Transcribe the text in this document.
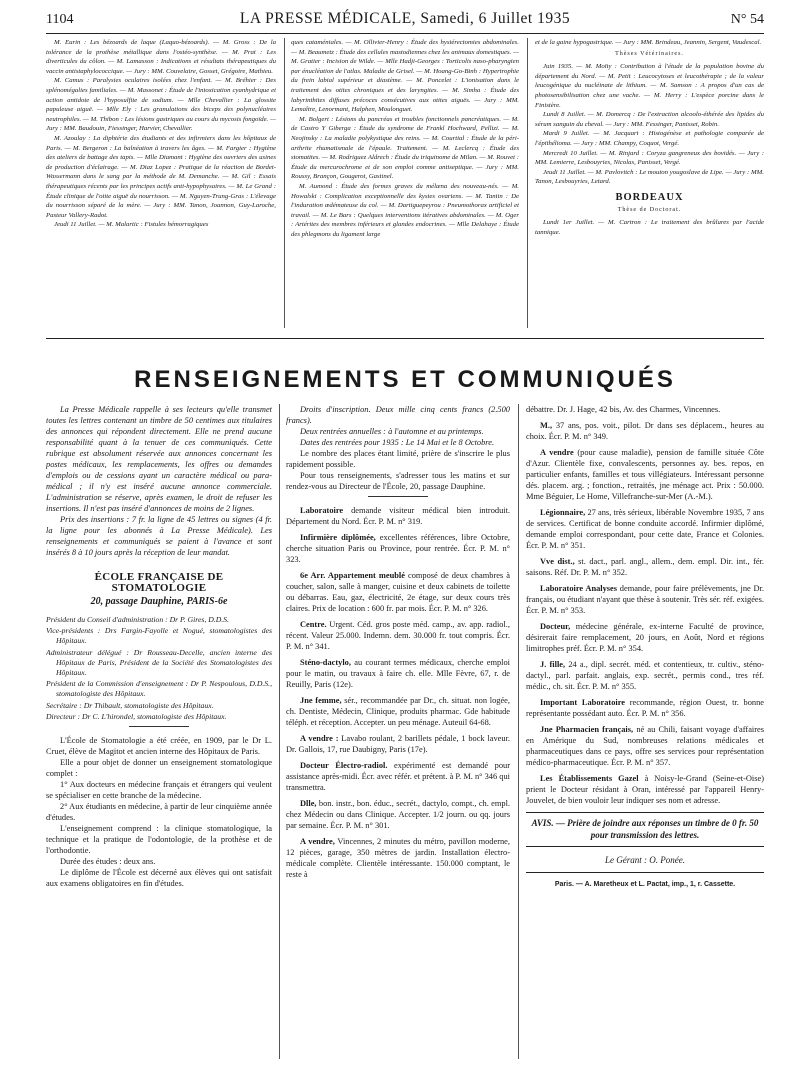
1104	LA PRESSE MÉDICALE, Samedi, 6 Juillet 1935	N° 54

M. Eurin : Les bézoards de laque (Laquo-bézoards). — M. Gross : De la tolérance de la prothèse métallique dans l'ostéo-synthèse. — M. Prat : Les diverticules du côlon. — M. Lamasson : Indications et résultats thérapeutiques du vaccin antistaphylococcique. — Jury : MM. Couvelaire, Gosset, Grégoire, Mathieu.

M. Camus : Paralysies oculaires isolées chez l'enfant. — M. Bréhier : Des splénomégalies familiales. — M. Massonet : Étude de l'intoxication cyanhydrique et action antidote de l'hyposulfite de sodium. — Mlle Chevallier : La glossite papuleuse aiguë. — Mlle Ely : Les granulations des biceps des polynucléaires neutrophiles. — M. Thibon : Les lésions gastriques au cours du mycosis fongoïde. — Jury : MM. Baudouin, Fiessinger, Harvier, Chevallier.

M. Azoulay : La diphtérie des étudiants et des infirmiers dans les hôpitaux de Paris. — M. Bergeron : La balnéation à travers les âges. — M. Fargier : Hygiène des ateliers de battage des tapis. — Mlle Diamant : Hygiène des ouvriers des usines de production d'éclairage. — M. Diaz Lopez : Pratique de la réaction de Bordet-Wassermann dans le sang par la méthode de M. Demanche. — M. Gil : Essais thérapeutiques récents par les principes actifs anti-hypophysaires. — M. Le Grand : Étude clinique de l'otite aiguë du nourrisson. — M. Nguyen-Trung-Gras : L'élevage du nourrisson séparé de la mère. — Jury : MM. Tanon, Joannon, Guy-Laroche, Pasteur Vallery-Radot.

Jeudi 11 Juillet. — M. Malartic : Fistules hémorragiques

ques cataméniales. — M. Ollivier-Henry : Étude des hystérectomies abdominales. — M. Beaumetz : Étude des cellules mastodiennes chez les animaux domestiques. — M. Gratier : Incision de Wilde. — Mlle Hadji-Georges : Torticolis naso-pharyngien par énucléation de l'atlas. Maladie de Grisel. — M. Hoang-Go-Binh : Hypertrophie du frein labial supérieur et diastème. — M. Poncelet : L'ionisation dans le traitement des otites chroniques et des laryngites. — M. Simha : Étude des labyrinthites diffuses précoces consécutives aux otites aiguës. — Jury : MM. Lemaître, Lenormant, Halphen, Moulonguet.

M. Bolgert : Lésions du pancréas et troubles fonctionnels pancréatiques. — M. de Castro Y Giberga : Étude du syndrome de Frankl Hochward, Pellizi. — M. Neojinsky : La maladie polykystique des reins. — M. Courtial : Étude de la péri-arthrite rhumatismale de l'épaule. Traitement. — M. Leclercq : Étude des stomatites. — M. Rodriguez Aldrech : Étude du triquinome de Milan. — M. Rouvet : Étude du mercurochrome et de son emploi comme antiseptique. — Jury : MM. Roussy, Brançon, Gougerot, Gastinel.

M. Aumond : Étude des formes graves du mélæna des nouveau-nés. — M. Howalski : Complication exceptionnelle des kystes ovariens. — M. Tantin : De l'induration œdémateuse du col. — M. Dartiguepeyrou : Pneumothorax artificiel et travail. — M. Le Bars : Quelques interventions itératives abdominales. — M. Oger : Artérites des membres inférieurs et glandes endocrines. — Mlle Delahaye : Étude des phlegmons du ligament large

et de la gaine hypogastrique. — Jury : MM. Brindeau, Jeannin, Sergent, Vaudescal.

Thèses Vétérinaires.

Juin 1935. — M. Moïty : Contribution à l'étude de la population bovine du département du Nord. — M. Petit : Leucocytoses et leucothérapie ; de la valeur leucogénique du nucléinate de lithium. — M. Samson : A propos d'un cas de photosensibilisation chez une vache. — M. Herry : L'espèce porcine dans le Finistère.

Lundi 8 Juillet. — M. Domercq : De l'extraction alcoolo-éthérée des lipides du sérum sanguin du cheval. — Jury : MM. Fessinger, Panisset, Robin.

Mardi 9 Juillet. — M. Jacquart : Histogénèse et pathologie comparée de l'épithélioma. — Jury : MM. Champy, Coquot, Vergé.

Mercredi 10 Juillet. — M. Rinjard : Coryza gangreneux des bovidés. — Jury : MM. Lemierre, Lesbouyries, Nicolas, Panisset, Vergé.

Jeudi 11 Juillet. — M. Pavlovitch : Le mouton yougoslave de Lipe. — Jury : MM. Tanon, Lesbouyries, Letard.

BORDEAUX
Thèse de Doctorat.

Lundi 1er Juillet. — M. Cartron : Le traitement des brûlures par l'acide tannique.

RENSEIGNEMENTS ET COMMUNIQUÉS

La Presse Médicale rappelle à ses lecteurs qu'elle transmet toutes les lettres contenant un timbre de 50 centimes aux titulaires des annonces qui répondent directement. Elle ne prend aucune responsabilité quant à la tenuer de ces communiqués. Cette rubrique est absolument réservée aux annonces concernant les postes médicaux, les remplacements, les offres ou demandes d'emplois ou de cessions ayant un caractère médical ou para-médical ; il n'y est inséré aucune annonce commerciale. L'administration se réserve, après examen, le droit de refuser les insertions. Il n'est pas inséré d'annonces de moins de 2 lignes.

Prix des insertions : 7 fr. la ligne de 45 lettres ou signes (4 fr. la ligne pour les abonnés à La Presse Médicale). Les renseignements et communiqués se paient à l'avance et sont insérés 8 à 10 jours après la réception de leur mandat.

ÉCOLE FRANÇAISE DE STOMATOLOGIE
20, passage Dauphine, PARIS-6e

Président du Conseil d'administration : Dr P. Gires, D.D.S.

Vice-présidents : Drs Fargin-Fayolle et Nogué, stomatologistes des Hôpitaux.

Administrateur délégué : Dr Rousseau-Decelle, ancien interne des Hôpitaux de Paris, Président de la Société des Stomatologistes des Hôpitaux.

Président de la Commission d'enseignement : Dr P. Nespoulous, D.D.S., stomatologiste des Hôpitaux.

Secrétaire : Dr Thibault, stomatologiste des Hôpitaux.

Directeur : Dr C. L'hirondel, stomatologiste des Hôpitaux.

L'École de Stomatologie a été créée, en 1909, par le Dr L. Cruet, élève de Magitot et ancien interne des Hôpitaux de Paris.

Elle a pour objet de donner un enseignement stomatologique complet :

1° Aux docteurs en médecine français et étrangers qui veulent se spécialiser en cette branche de la médecine.

2° Aux étudiants en médecine, à partir de leur cinquième année d'études.

L'enseignement comprend : la clinique stomatologique, la technique et la pratique de l'odontologie, de la prothèse et de l'orthodontie.

Durée des études : deux ans.

Le diplôme de l'École est décerné aux élèves qui ont satisfait aux examens obligatoires en fin d'études.

Droits d'inscription. Deux mille cinq cents francs (2.500 francs).

Deux rentrées annuelles : à l'automne et au printemps.

Dates des rentrées pour 1935 : Le 14 Mai et le 8 Octobre.

Le nombre des places étant limité, prière de s'inscrire le plus rapidement possible.

Pour tous renseignements, s'adresser tous les matins et sur rendez-vous au Directeur de l'École, 20, passage Dauphine.

Laboratoire demande visiteur médical bien introduit. Département du Nord. Écr. P. M. n° 319.

Infirmière diplômée, excellentes références, libre Octobre, cherche situation Paris ou Province, pour rentrée. Écr. P. M. n° 323.

6e Arr. Appartement meublé composé de deux chambres à coucher, salon, salle à manger, cuisine et deux cabinets de toilette ou débarras. Eau, gaz, électricité, 2e étage, sur deux cours très claires. Prix de location : 600 fr. par mois. Écr. P. M. n° 326.

Centre. Urgent. Céd. gros poste méd. camp., av. app. radiol., récent. Valeur 25.000. Indemn. dem. 30.000 fr. tout compris. Écr. P. M. n° 341.

Sténo-dactylo, au courant termes médicaux, cherche emploi pour le matin, ou travaux à faire ch. elle. Mlle Fèvre, 67, r. de Reuilly, Paris (12e).

Jne femme, sér., recommandée par Dr., ch. situat. non logée, ch. Dentiste, Médecin, Clinique, produits pharmac. Gde habitude téléph. et réception. Accepter. un peu ménage. Auteuil 64-68.

A vendre : Lavabo roulant, 2 barillets pédale, 1 bock laveur. Dr. Gallois, 17, rue Daubigny, Paris (17e).

Docteur Électro-radiol. expérimenté est demandé pour assistance après-midi. Écr. avec référ. et prétent. à P. M. n° 346 qui transmettra.

Dlle, bon. instr., bon. éduc., secrét., dactylo, compt., ch. empl. chez Médecin ou dans Clinique. Accepter. 1/2 journ. ou qq. jours par semaine. Écr. P. M. n° 301.

A vendre, Vincennes, 2 minutes du métro, pavillon moderne, 12 pièces, garage, 350 mètres de jardin. Installation électro-médicale complète. Clientèle intéressante. 150.000 comptant, le reste à

débattre. Dr. J. Hage, 42 bis, Av. des Charmes, Vincennes.

M., 37 ans, pos. voit., pilot. Dr dans ses déplacem., heures au choix. Écr. P. M. n° 349.

A vendre (pour cause maladie), pension de famille située Côte d'Azur. Clientèle fixe, convalescents, personnes ay. bes. repos, en particulier enfants, familles et tous villégiateurs. Intéressant personne dés. placem. arg. ; fonction., retraités, jne ménage act. Prix : 50.000. Mme Béguier, Le Home, Villefranche-sur-Mer (A.-M.).

Légionnaire, 27 ans, très sérieux, libérable Novembre 1935, 7 ans de services. Certificat de bonne conduite accordé. Infirmier diplômé, demande emploi correspondant, pour cette date, France et Colonies. Écr. P. M. n° 351.

Vve dist., st. dact., parl. angl., allem., dem. empl. Dir. int., fér. saisons. Réf. Dr. P. M. n° 352.

Laboratoire Analyses demande, pour faire prélèvements, jne Dr. français, ou étudiant n'ayant que thèse à soutenir. Très sér. réf. exigées. Écr. P. M. n° 353.

Docteur, médecine générale, ex-interne Faculté de province, désirerait faire remplacement, 20 jours, en Août, Nord et régions limitrophes préf. Écr. P. M. n° 354.

J. fille, 24 a., dipl. secrét. méd. et contentieux, tr. cultiv., sténo-dactyl., parl. parfait. anglais, exp. secrét., permis cond., tres réf. médic., ch. sit. Écr. P. M. n° 355.

Important Laboratoire recommande, région Ouest, tr. bonne représentante possédant auto. Écr. P. M. n° 356.

Jne Pharmacien français, né au Chili, faisant voyage d'affaires en Amérique du Sud, nombreuses relations médicales et pharmaceutiques dans ce pays, offre ses services pour représentation médico-pharmaceutique. Écr. P. M. n° 357.

Les Établissements Gazel à Noisy-le-Grand (Seine-et-Oise) prient le Docteur résidant à Oran, intéressé par l'appareil Henry-Jouvelet, de bien vouloir leur indiquer ses nom et adresse.

AVIS. — Prière de joindre aux réponses un timbre de 0 fr. 50 pour transmission des lettres.
Le Gérant : O. Ponée.
Paris. — A. Maretheux et L. Pactat, imp., 1, r. Cassette.
